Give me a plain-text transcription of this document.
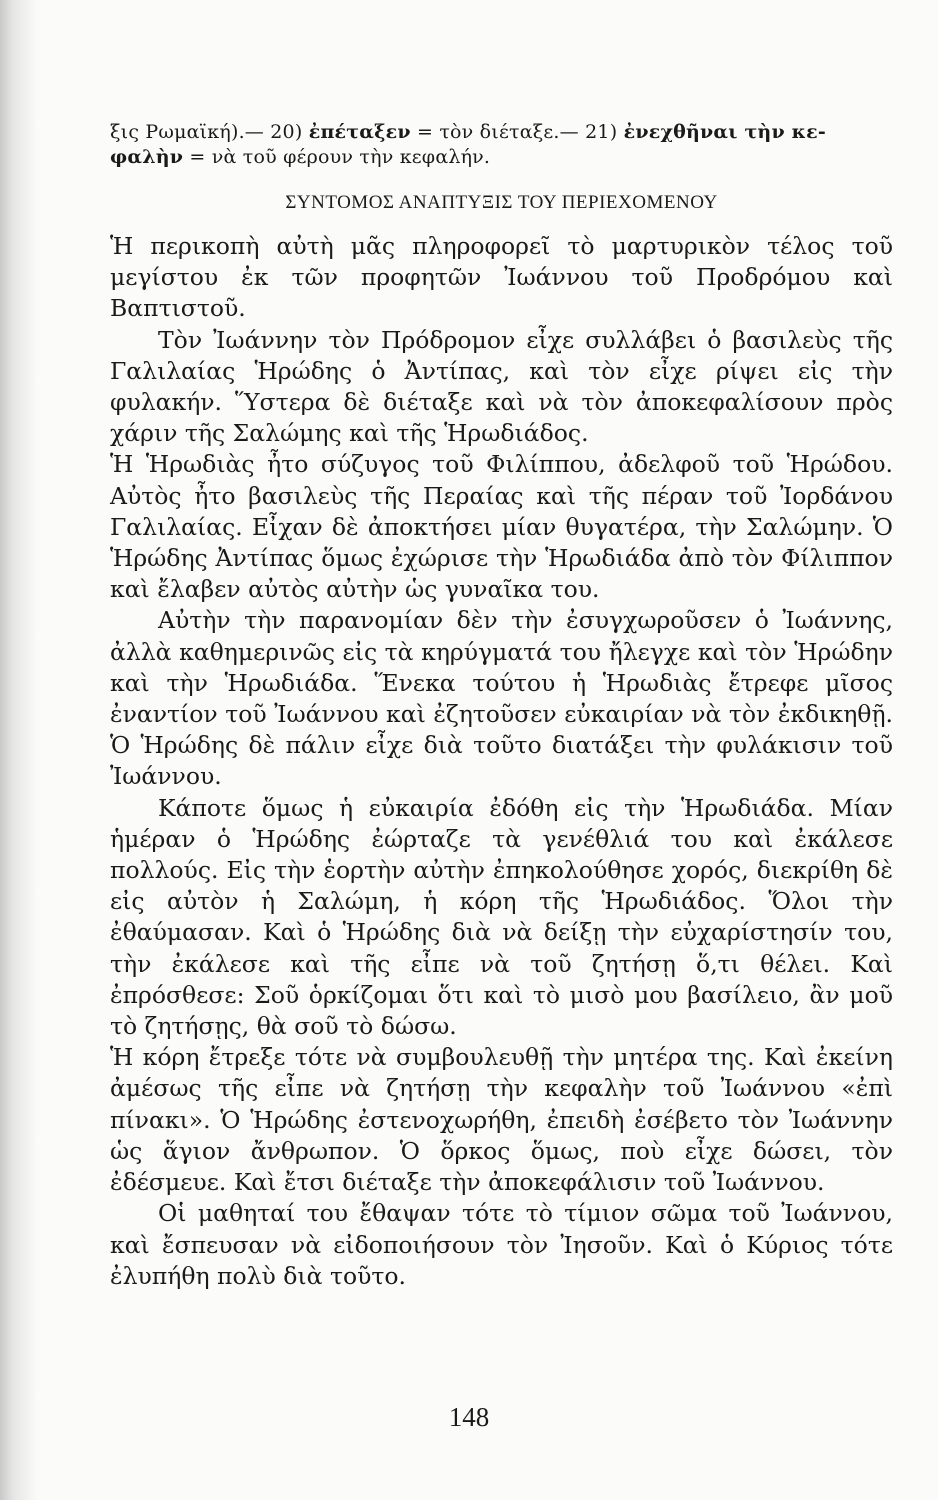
ξις Ρωμαϊκή).— 20) ἐπέταξεν = τὸν διέταξε.— 21) ἐνεχθῆναι τὴν κε-

φαλὴν = νὰ τοῦ φέρουν τὴν κεφαλήν.

ΣΥΝΤΟΜΟΣ ΑΝΑΠΤΥΞΙΣ ΤΟΥ ΠΕΡΙΕΧΟΜΕΝΟΥ

Ἡ περικοπὴ αὐτὴ μᾶς πληροφορεῖ τὸ μαρτυρικὸν τέλος τοῦ μεγίστου ἐκ τῶν προφητῶν Ἰωάννου τοῦ Προδρόμου καὶ Βαπτιστοῦ.

Τὸν Ἰωάννην τὸν Πρόδρομον εἶχε συλλάβει ὁ βασιλεὺς τῆς Γαλιλαίας Ἡρώδης ὁ Ἀντίπας, καὶ τὸν εἶχε ρίψει εἰς τὴν φυλακήν. Ὕστερα δὲ διέταξε καὶ νὰ τὸν ἀποκεφαλίσουν πρὸς χάριν τῆς Σαλώμης καὶ τῆς Ἡρωδιάδος.

Ἡ Ἡρωδιὰς ἦτο σύζυγος τοῦ Φιλίππου, ἀδελφοῦ τοῦ Ἡρώδου. Αὐτὸς ἦτο βασιλεὺς τῆς Περαίας καὶ τῆς πέραν τοῦ Ἰορδάνου Γαλιλαίας. Εἶχαν δὲ ἀποκτήσει μίαν θυγατέρα, τὴν Σαλώμην. Ὁ Ἡρώδης Ἀντίπας ὅμως ἐχώρισε τὴν Ἡρωδιάδα ἀπὸ τὸν Φίλιππον καὶ ἔλαβεν αὐτὸς αὐτὴν ὡς γυναῖκα του.

Αὐτὴν τὴν παρανομίαν δὲν τὴν ἐσυγχωροῦσεν ὁ Ἰωάννης, ἀλλὰ καθημερινῶς εἰς τὰ κηρύγματά του ἤλεγχε καὶ τὸν Ἡρώδην καὶ τὴν Ἡρωδιάδα. Ἕνεκα τούτου ἡ Ἡρωδιὰς ἔτρεφε μῖσος ἐναντίον τοῦ Ἰωάννου καὶ ἐζητοῦσεν εὐκαιρίαν νὰ τὸν ἐκδικηθῇ. Ὁ Ἡρώδης δὲ πάλιν εἶχε διὰ τοῦτο διατάξει τὴν φυλάκισιν τοῦ Ἰωάννου.

Κάποτε ὅμως ἡ εὐκαιρία ἐδόθη εἰς τὴν Ἡρωδιάδα. Μίαν ἡμέραν ὁ Ἡρώδης ἐώρταζε τὰ γενέθλιά του καὶ ἐκάλεσε πολλούς. Εἰς τὴν ἑορτὴν αὐτὴν ἐπηκολούθησε χορός, διεκρίθη δὲ εἰς αὐτὸν ἡ Σαλώμη, ἡ κόρη τῆς Ἡρωδιάδος. Ὅλοι τὴν ἐθαύμασαν. Καὶ ὁ Ἡρώδης διὰ νὰ δείξῃ τὴν εὐχαρίστησίν του, τὴν ἐκάλεσε καὶ τῆς εἶπε νὰ τοῦ ζητήσῃ ὅ,τι θέλει. Καὶ ἐπρόσθεσε: Σοῦ ὁρκίζομαι ὅτι καὶ τὸ μισὸ μου βασίλειο, ἂν μοῦ τὸ ζητήσῃς, θὰ σοῦ τὸ δώσω.

Ἡ κόρη ἔτρεξε τότε νὰ συμβουλευθῇ τὴν μητέρα της. Καὶ ἐκείνη ἀμέσως τῆς εἶπε νὰ ζητήσῃ τὴν κεφαλὴν τοῦ Ἰωάννου «ἐπὶ πίνακι». Ὁ Ἡρώδης ἐστενοχωρήθη, ἐπειδὴ ἐσέβετο τὸν Ἰωάννην ὡς ἅγιον ἄνθρωπον. Ὁ ὅρκος ὅμως, ποὺ εἶχε δώσει, τὸν ἐδέσμευε. Καὶ ἔτσι διέταξε τὴν ἀποκεφάλισιν τοῦ Ἰωάννου.

Οἱ μαθηταί του ἔθαψαν τότε τὸ τίμιον σῶμα τοῦ Ἰωάννου, καὶ ἔσπευσαν νὰ εἰδοποιήσουν τὸν Ἰησοῦν. Καὶ ὁ Κύριος τότε ἐλυπήθη πολὺ διὰ τοῦτο.

148
